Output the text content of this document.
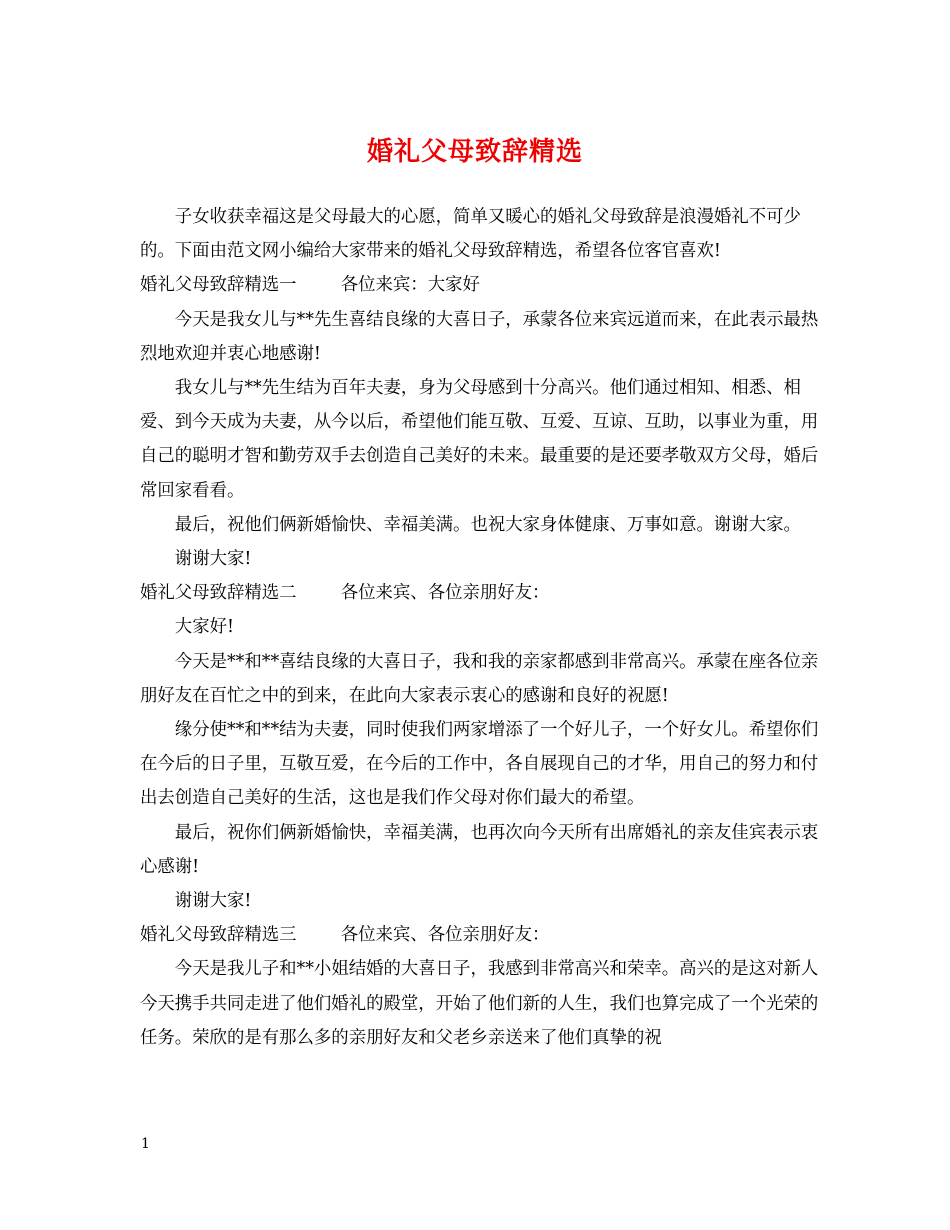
婚礼父母致辞精选

子女收获幸福这是父母最大的心愿，简单又暖心的婚礼父母致辞是浪漫婚礼不可少的。下面由范文网小编给大家带来的婚礼父母致辞精选，希望各位客官喜欢!

婚礼父母致辞精选一        各位来宾：大家好

今天是我女儿与**先生喜结良缘的大喜日子，承蒙各位来宾远道而来，在此表示最热烈地欢迎并衷心地感谢!

我女儿与**先生结为百年夫妻，身为父母感到十分高兴。他们通过相知、相悉、相爱、到今天成为夫妻，从今以后，希望他们能互敬、互爱、互谅、互助，以事业为重，用自己的聪明才智和勤劳双手去创造自己美好的未来。最重要的是还要孝敬双方父母，婚后常回家看看。

最后，祝他们俩新婚愉快、幸福美满。也祝大家身体健康、万事如意。谢谢大家。

谢谢大家!

婚礼父母致辞精选二        各位来宾、各位亲朋好友：

大家好!

今天是**和**喜结良缘的大喜日子，我和我的亲家都感到非常高兴。承蒙在座各位亲朋好友在百忙之中的到来，在此向大家表示衷心的感谢和良好的祝愿!

缘分使**和**结为夫妻，同时使我们两家增添了一个好儿子，一个好女儿。希望你们在今后的日子里，互敬互爱，在今后的工作中，各自展现自己的才华，用自己的努力和付出去创造自己美好的生活，这也是我们作父母对你们最大的希望。

最后，祝你们俩新婚愉快，幸福美满，也再次向今天所有出席婚礼的亲友佳宾表示衷心感谢!

谢谢大家!

婚礼父母致辞精选三        各位来宾、各位亲朋好友：

今天是我儿子和**小姐结婚的大喜日子，我感到非常高兴和荣幸。高兴的是这对新人今天携手共同走进了他们婚礼的殿堂，开始了他们新的人生，我们也算完成了一个光荣的任务。荣欣的是有那么多的亲朋好友和父老乡亲送来了他们真挚的祝

1
